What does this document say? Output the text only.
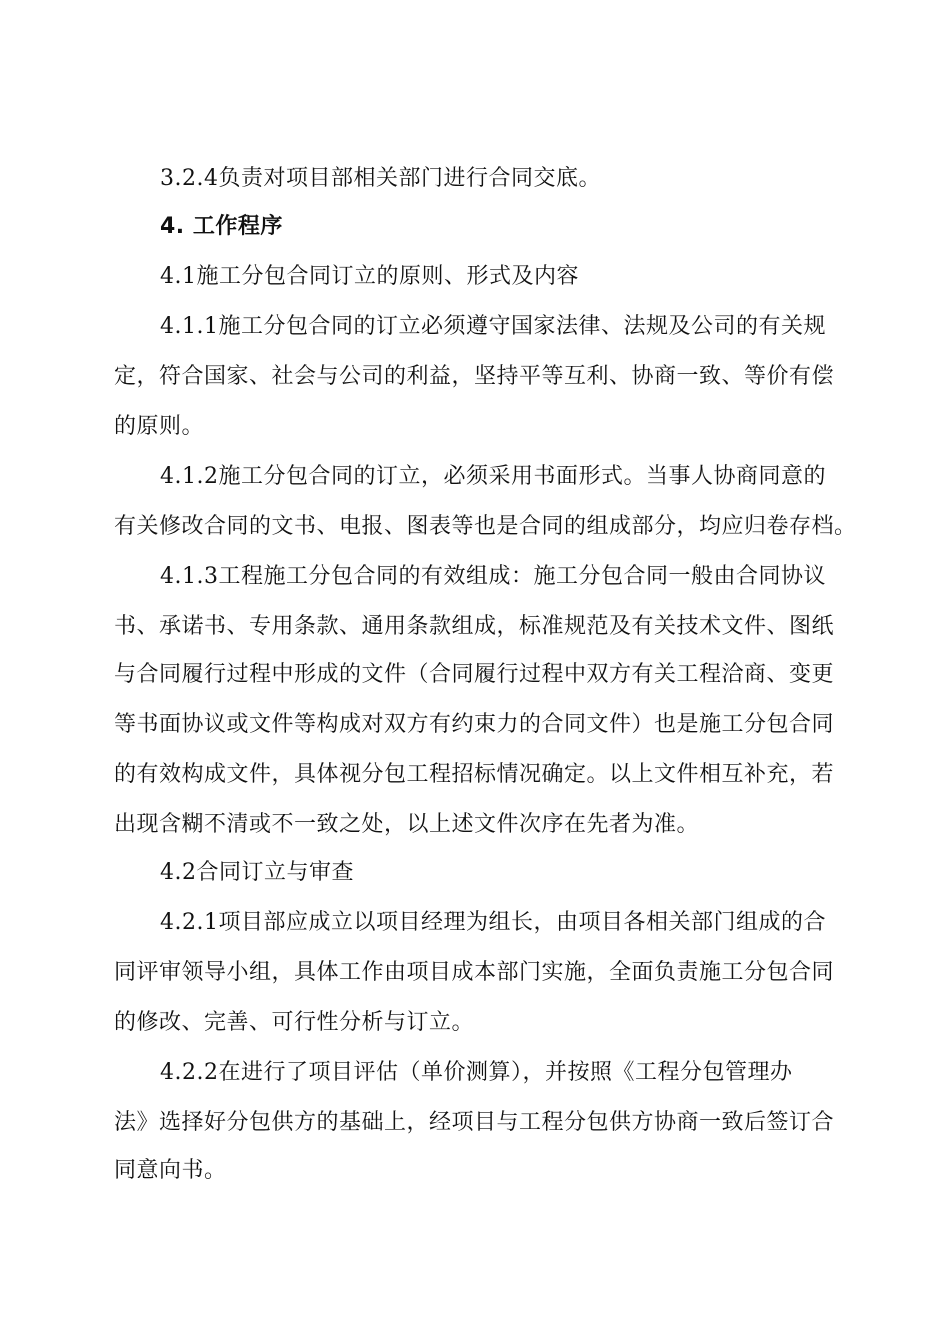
3.2.4负责对项目部相关部门进行合同交底。
4. 工作程序
4.1施工分包合同订立的原则、形式及内容
4.1.1施工分包合同的订立必须遵守国家法律、法规及公司的有关规
定，符合国家、社会与公司的利益，坚持平等互利、协商一致、等价有偿
的原则。
4.1.2施工分包合同的订立，必须采用书面形式。当事人协商同意的
有关修改合同的文书、电报、图表等也是合同的组成部分，均应归卷存档。
4.1.3工程施工分包合同的有效组成：施工分包合同一般由合同协议
书、承诺书、专用条款、通用条款组成，标准规范及有关技术文件、图纸
与合同履行过程中形成的文件（合同履行过程中双方有关工程洽商、变更
等书面协议或文件等构成对双方有约束力的合同文件）也是施工分包合同
的有效构成文件，具体视分包工程招标情况确定。以上文件相互补充，若
出现含糊不清或不一致之处，以上述文件次序在先者为准。
4.2合同订立与审查
4.2.1项目部应成立以项目经理为组长，由项目各相关部门组成的合
同评审领导小组，具体工作由项目成本部门实施，全面负责施工分包合同
的修改、完善、可行性分析与订立。
4.2.2在进行了项目评估（单价测算），并按照《工程分包管理办
法》选择好分包供方的基础上，经项目与工程分包供方协商一致后签订合
同意向书。
